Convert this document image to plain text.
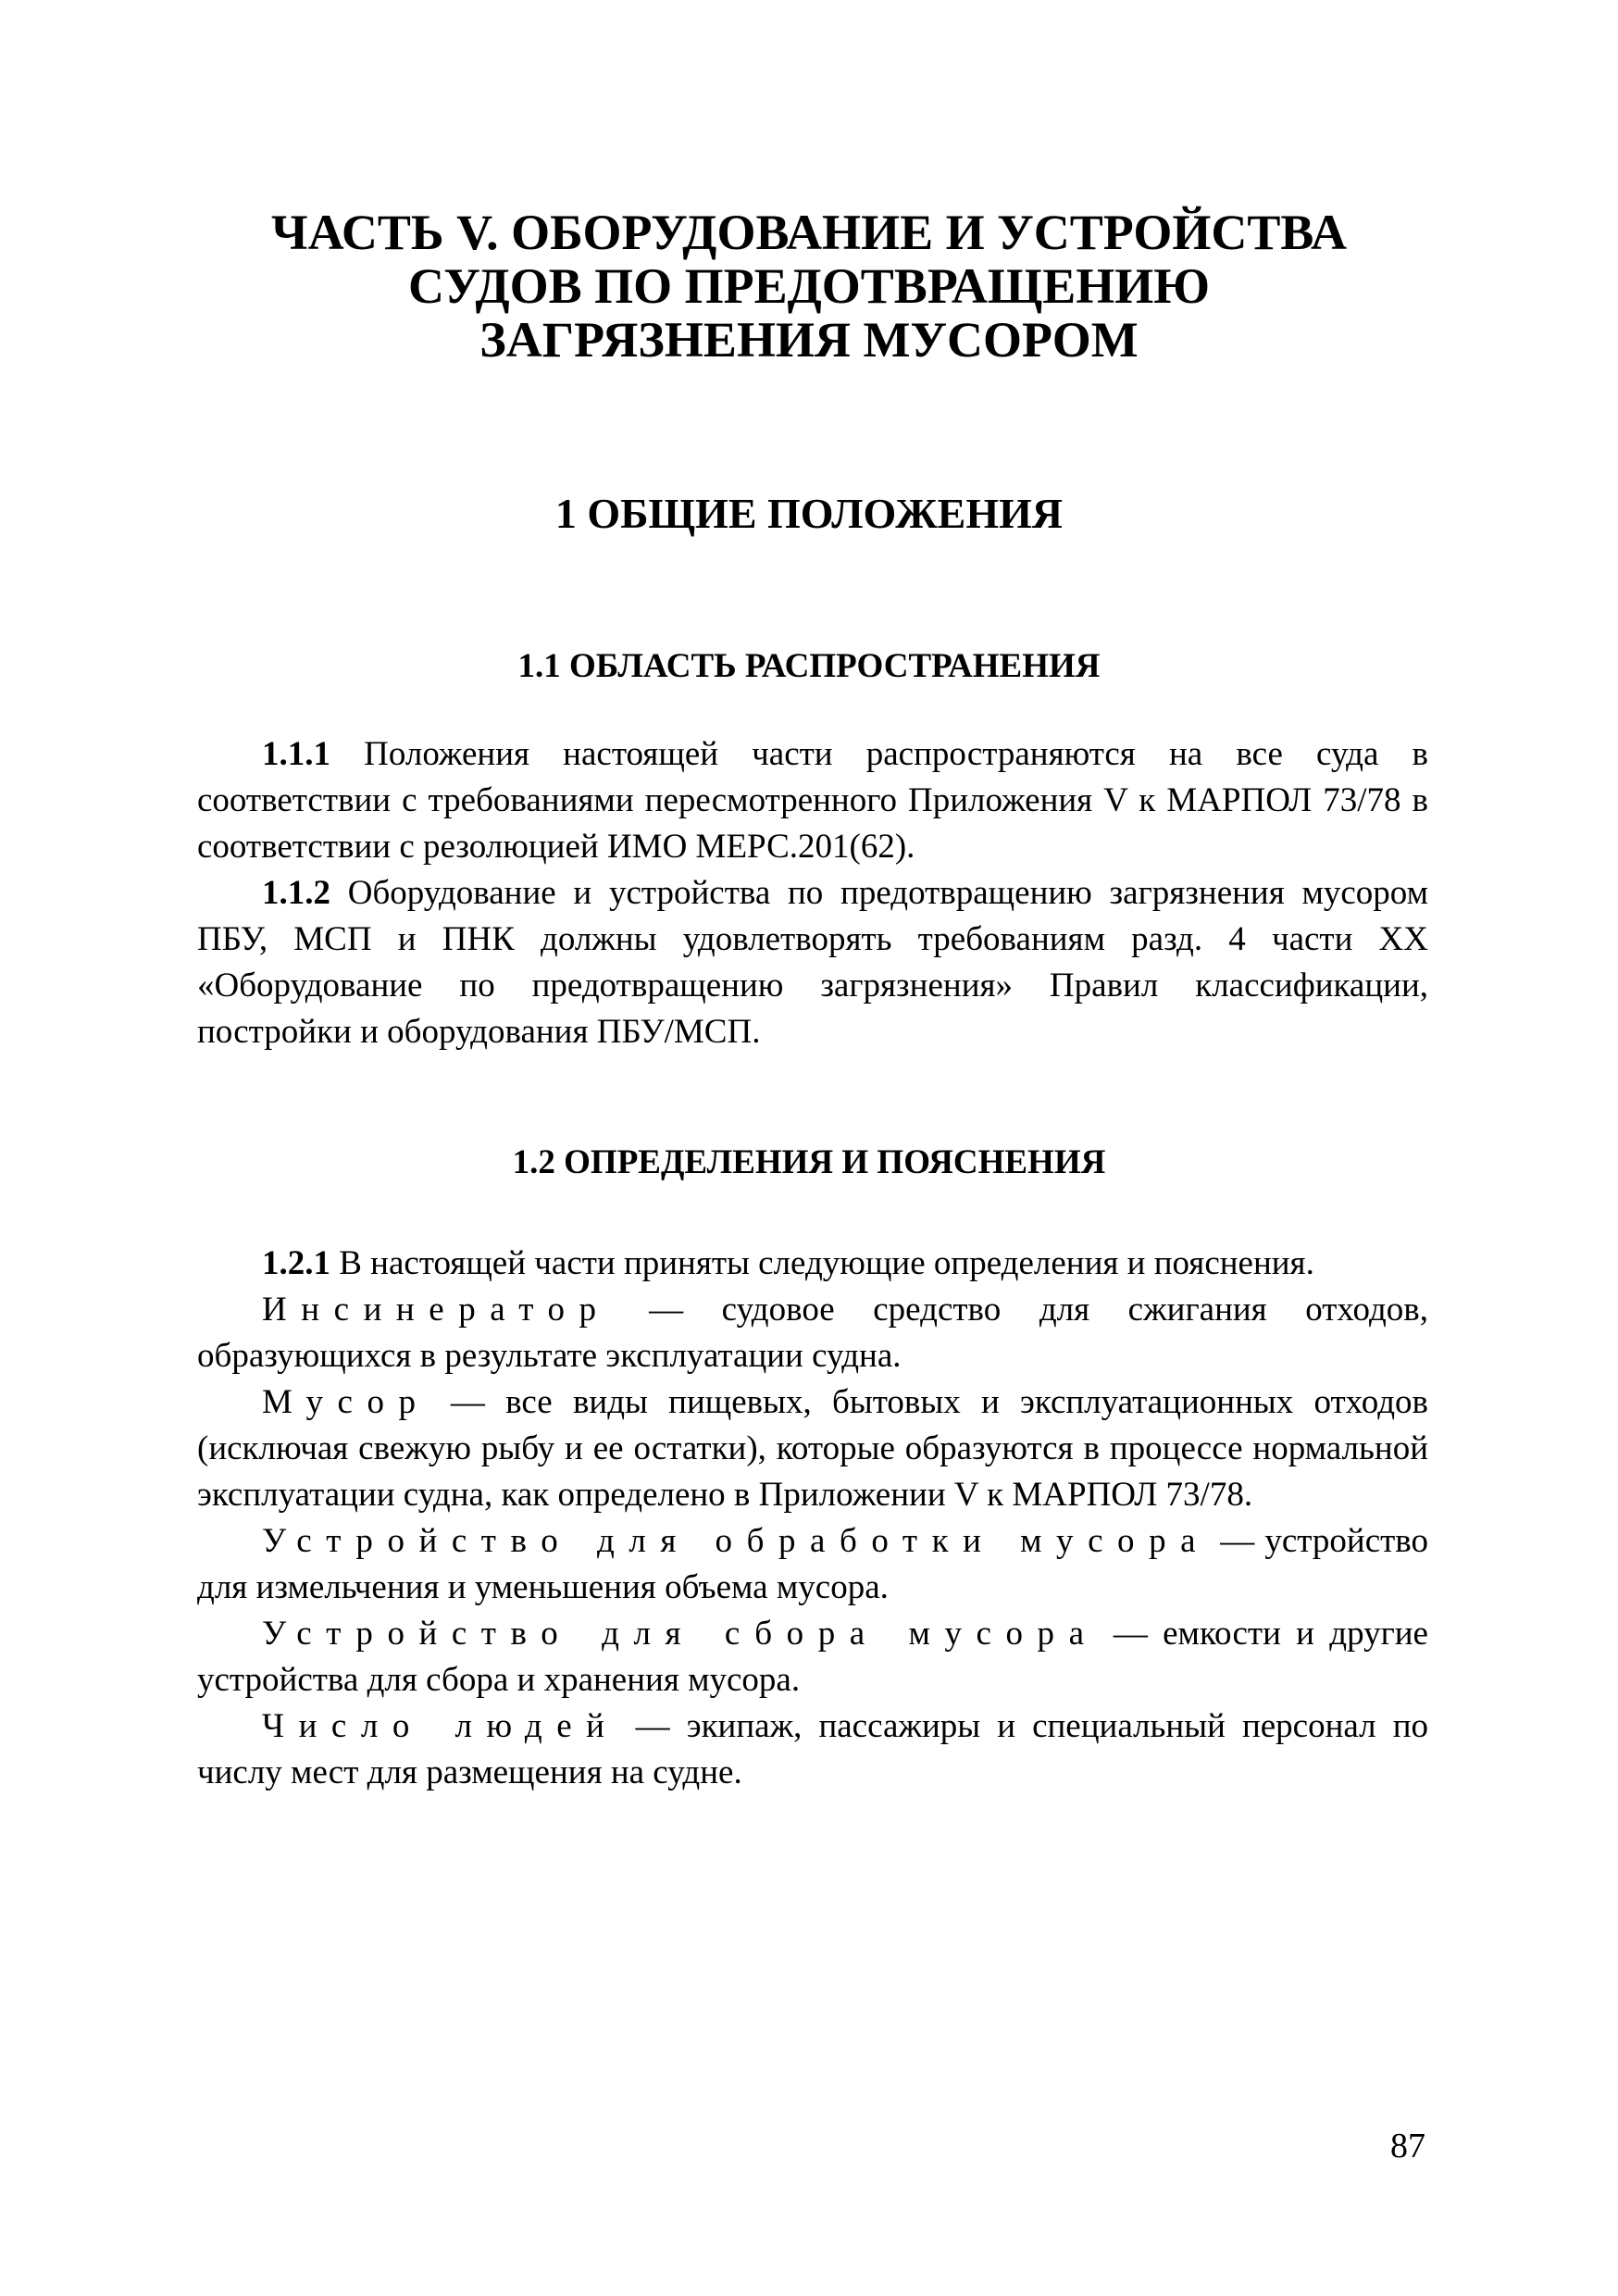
ЧАСТЬ V. ОБОРУДОВАНИЕ И УСТРОЙСТВА
СУДОВ ПО ПРЕДОТВРАЩЕНИЮ
ЗАГРЯЗНЕНИЯ МУСОРОМ
1 ОБЩИЕ ПОЛОЖЕНИЯ
1.1 ОБЛАСТЬ РАСПРОСТРАНЕНИЯ

1.1.1 Положения настоящей части распространяются на все суда в соответствии с требованиями пересмотренного Приложения V к МАРПОЛ 73/78 в соответствии с резолюцией ИМО МЕРС.201(62).

1.1.2 Оборудование и устройства по предотвращению загрязнения мусором ПБУ, МСП и ПНК должны удовлетворять требованиям разд. 4 части XX «Оборудование по предотвращению загрязнения» Правил классификации, постройки и оборудования ПБУ/МСП.

1.2 ОПРЕДЕЛЕНИЯ И ПОЯСНЕНИЯ

1.2.1 В настоящей части приняты следующие определения и пояснения.

Инсинератор — судовое средство для сжигания отходов, образующихся в результате эксплуатации судна.

Мусор — все виды пищевых, бытовых и эксплуатационных отходов (исключая свежую рыбу и ее остатки), которые образуются в процессе нормальной эксплуатации судна, как определено в Приложении V к МАРПОЛ 73/78.

Устройство для обработки мусора — устройство для измельчения и уменьшения объема мусора.

Устройство для сбора мусора — емкости и другие устройства для сбора и хранения мусора.

Число людей — экипаж, пассажиры и специальный персонал по числу мест для размещения на судне.

87
